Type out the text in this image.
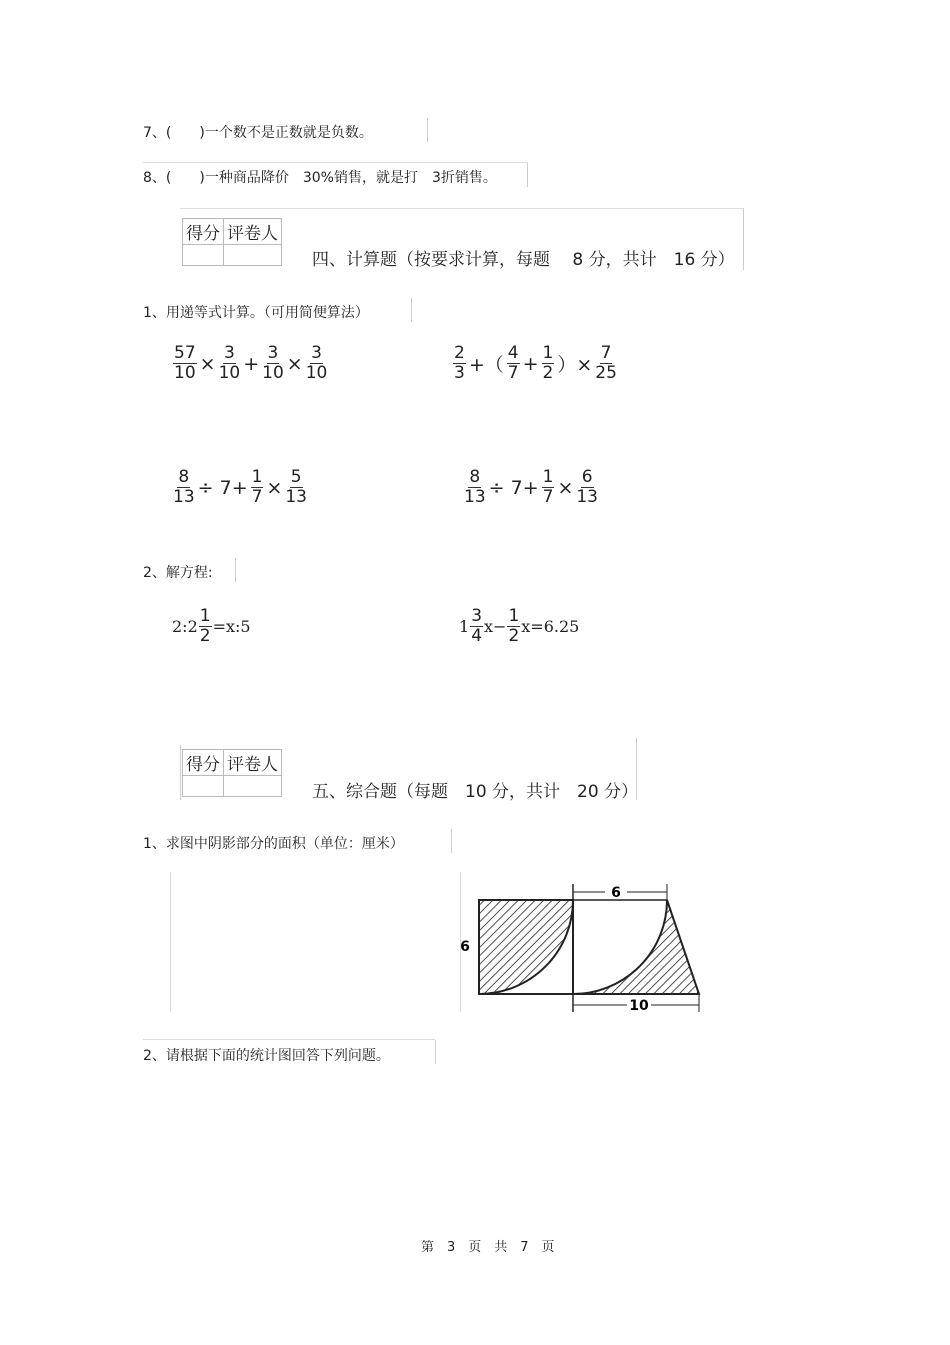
7、(　　)一个数不是正数就是负数。
8、(　　)一种商品降价　30%销售，就是打　3折销售。
得分	评卷人

四、计算题（按要求计算，每题　 8 分，共计　16 分）
1、用递等式计算。（可用简便算法）
$\frac{57}{10} \times \frac{3}{10} + \frac{3}{10} \times \frac{3}{10}$	$\frac{2}{3}$ +（ $\frac{4}{7} + \frac{1}{2}$ ）× $\frac{7}{25}$
$\frac{8}{13} \div 7+ \frac{1}{7} \times \frac{5}{13}$	$\frac{8}{13} \div 7+ \frac{1}{7} \times \frac{6}{13}$
2、解方程:
2:2 $\frac{1}{2}$ =x:5	$1 \frac{3}{4} x- \frac{1}{2} x=6.25$
得分	评卷人

五、综合题（每题　10 分，共计　20 分）
1、求图中阴影部分的面积（单位：厘米）
6
6
10
2、请根据下面的统计图回答下列问题。
第　3　页　共　7　页
